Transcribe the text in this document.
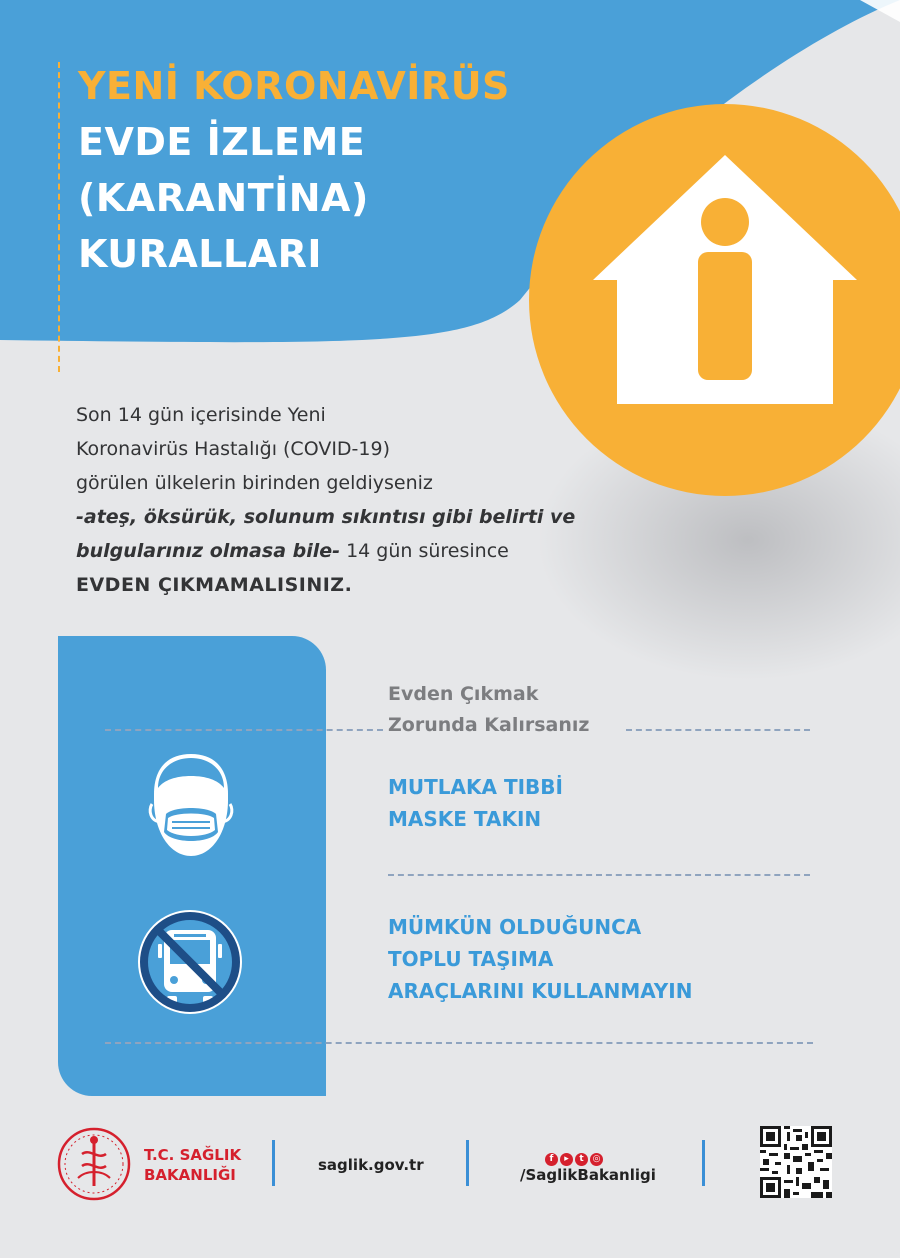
YENİ KORONAVİRÜS
EVDE İZLEME
(KARANTİNA)
KURALLARI
Son 14 gün içerisinde Yeni
Koronavirüs Hastalığı (COVID-19)
görülen ülkelerin birinden geldiyseniz
-ateş, öksürük, solunum sıkıntısı gibi belirti ve
bulgularınız olmasa bile- 14 gün süresince
EVDEN ÇIKMAMALISINIZ.
Evden Çıkmak
Zorunda Kalırsanız
MUTLAKA TIBBİ
MASKE TAKIN
MÜMKÜN OLDUĞUNCA
TOPLU TAŞIMA
ARAÇLARINI KULLANMAYIN
T.C. SAĞLIK
BAKANLIĞI
saglik.gov.tr	f ▸ t ◎
/SaglikBakanligi
